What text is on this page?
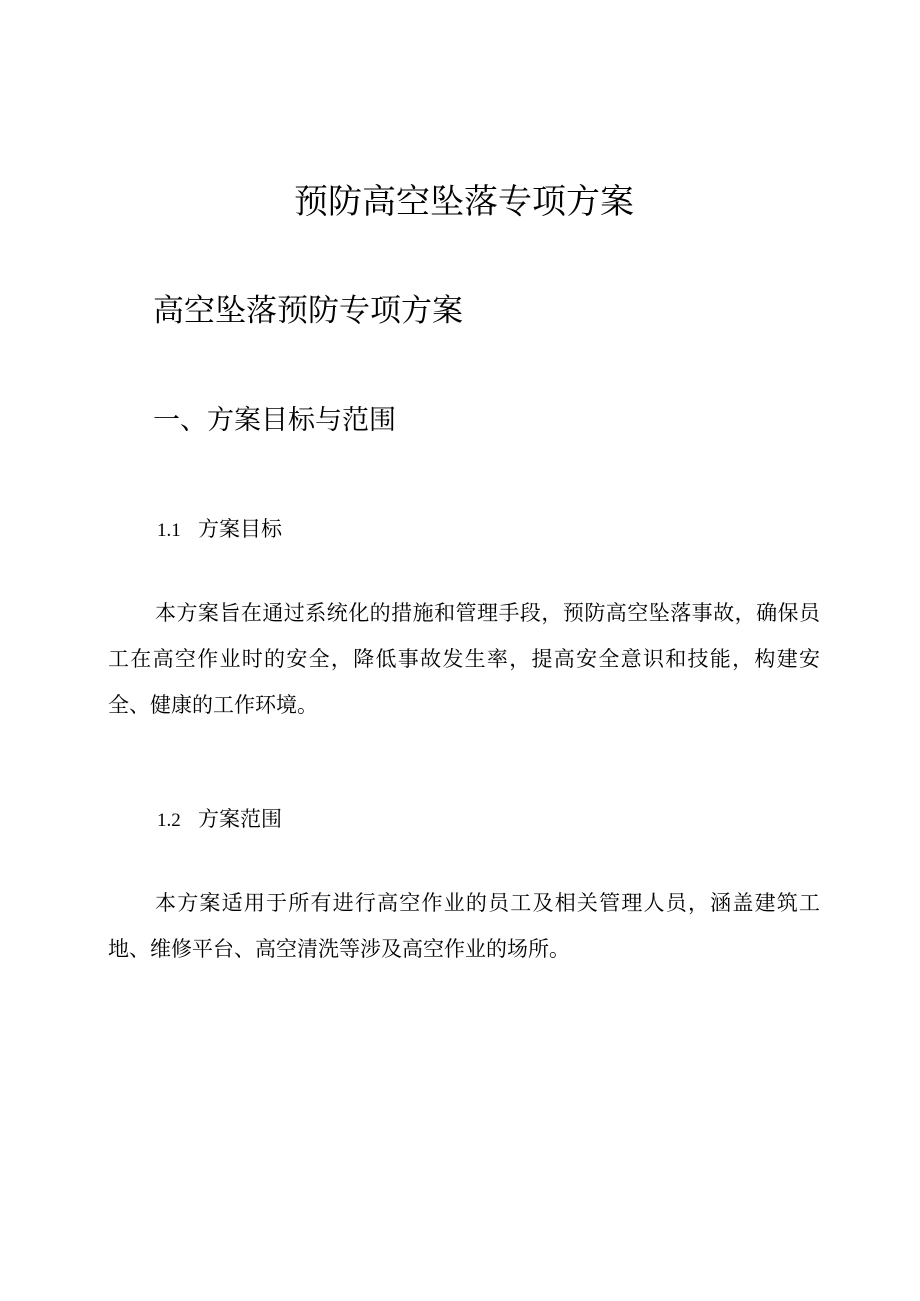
预防高空坠落专项方案
高空坠落预防专项方案
一、方案目标与范围
1.1 方案目标
本方案旨在通过系统化的措施和管理手段，预防高空坠落事故，确保员工在高空作业时的安全，降低事故发生率，提高安全意识和技能，构建安全、健康的工作环境。
1.2 方案范围
本方案适用于所有进行高空作业的员工及相关管理人员，涵盖建筑工地、维修平台、高空清洗等涉及高空作业的场所。
